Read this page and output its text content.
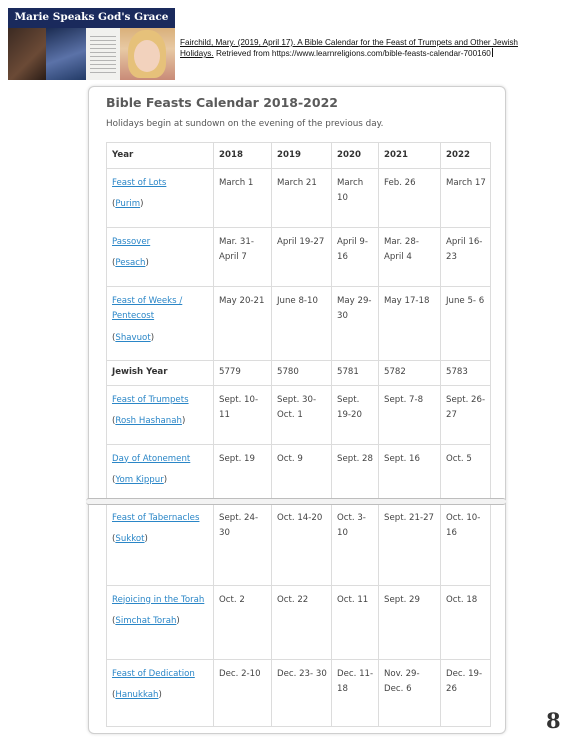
Marie Speaks God's Grace
Fairchild, Mary. (2019, April 17). A Bible Calendar for the Feast of Trumpets and Other Jewish Holidays. Retrieved from https://www.learnreligions.com/bible-feasts-calendar-700160
Bible Feasts Calendar 2018-2022
Holidays begin at sundown on the evening of the previous day.
Year	2018	2019	2020	2021	2022
Feast of Lots
(Purim)	March 1	March 21	March 10	Feb. 26	March 17
Passover
(Pesach)	Mar. 31- April 7	April 19-27	April 9- 16	Mar. 28- April 4	April 16- 23
Feast of Weeks / Pentecost
(Shavuot)	May 20-21	June 8-10	May 29-30	May 17-18	June 5- 6
Jewish Year	5779	5780	5781	5782	5783
Feast of Trumpets
(Rosh Hashanah)	Sept. 10-11	Sept. 30- Oct. 1	Sept. 19-20	Sept. 7-8	Sept. 26-27
Day of Atonement
(Yom Kippur)	Sept. 19	Oct. 9	Sept. 28	Sept. 16	Oct. 5
Feast of Tabernacles
(Sukkot)	Sept. 24- 30	Oct. 14-20	Oct. 3- 10	Sept. 21-27	Oct. 10- 16
Rejoicing in the Torah
(Simchat Torah)	Oct. 2	Oct. 22	Oct. 11	Sept. 29	Oct. 18
Feast of Dedication
(Hanukkah)	Dec. 2-10	Dec. 23- 30	Dec. 11- 18	Nov. 29- Dec. 6	Dec. 19- 26
8
